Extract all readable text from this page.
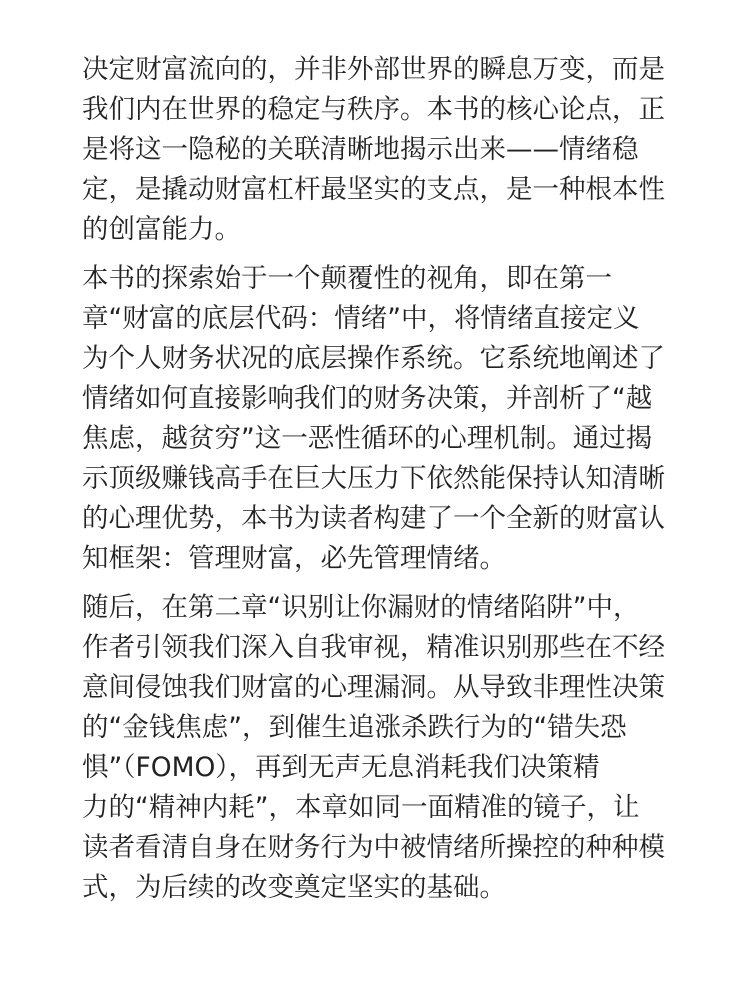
决定财富流向的，并非外部世界的瞬息万变，而是
我们内在世界的稳定与秩序。本书的核心论点，正
是将这一隐秘的关联清晰地揭示出来——情绪稳
定，是撬动财富杠杆最坚实的支点，是一种根本性
的创富能力。
本书的探索始于一个颠覆性的视角，即在第一
章“财富的底层代码：情绪”中，将情绪直接定义
为个人财务状况的底层操作系统。它系统地阐述了
情绪如何直接影响我们的财务决策，并剖析了“越
焦虑，越贫穷”这一恶性循环的心理机制。通过揭
示顶级赚钱高手在巨大压力下依然能保持认知清晰
的心理优势，本书为读者构建了一个全新的财富认
知框架：管理财富，必先管理情绪。
随后，在第二章“识别让你漏财的情绪陷阱”中，
作者引领我们深入自我审视，精准识别那些在不经
意间侵蚀我们财富的心理漏洞。从导致非理性决策
的“金钱焦虑”，到催生追涨杀跌行为的“错失恐
惧”（FOMO），再到无声无息消耗我们决策精
力的“精神内耗”，本章如同一面精准的镜子，让
读者看清自身在财务行为中被情绪所操控的种种模
式，为后续的改变奠定坚实的基础。
